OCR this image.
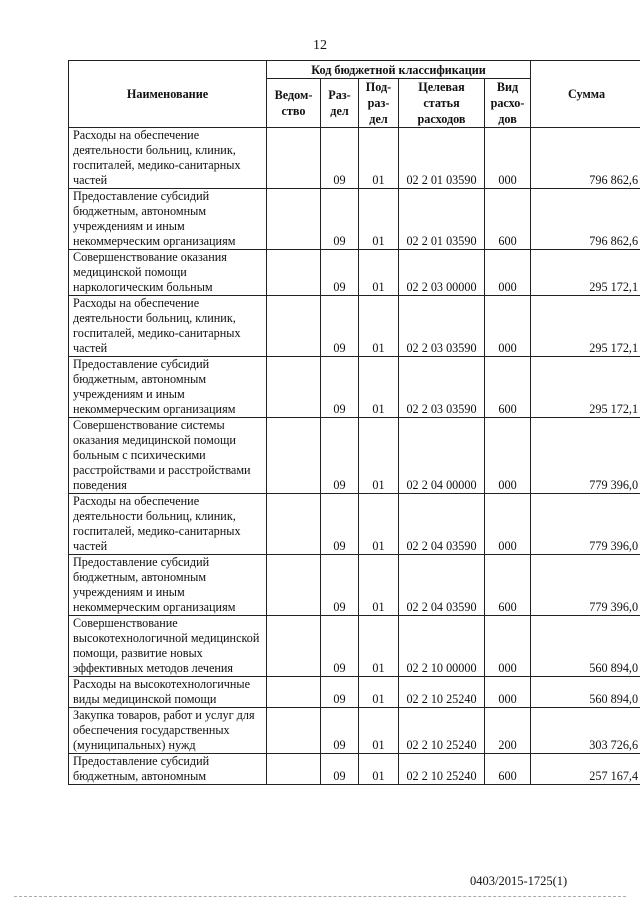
12
Наименование	Код бюджетной классификации					Сумма
	Ведом-ство	Раз-дел	Под-раз-дел	Целевая статья расходов	Вид расхо-дов	
Расходы на обеспечение деятельности больниц, клиник, госпиталей, медико-санитарных частей		09	01	02 2 01 03590	000	796 862,6
Предоставление субсидий бюджетным, автономным учреждениям и иным некоммерческим организациям		09	01	02 2 01 03590	600	796 862,6
Совершенствование оказания медицинской помощи наркологическим больным		09	01	02 2 03 00000	000	295 172,1
Расходы на обеспечение деятельности больниц, клиник, госпиталей, медико-санитарных частей		09	01	02 2 03 03590	000	295 172,1
Предоставление субсидий бюджетным, автономным учреждениям и иным некоммерческим организациям		09	01	02 2 03 03590	600	295 172,1
Совершенствование системы оказания медицинской помощи больным с психическими расстройствами и расстройствами поведения		09	01	02 2 04 00000	000	779 396,0
Расходы на обеспечение деятельности больниц, клиник, госпиталей, медико-санитарных частей		09	01	02 2 04 03590	000	779 396,0
Предоставление субсидий бюджетным, автономным учреждениям и иным некоммерческим организациям		09	01	02 2 04 03590	600	779 396,0
Совершенствование высокотехнологичной медицинской помощи, развитие новых эффективных методов лечения		09	01	02 2 10 00000	000	560 894,0
Расходы на высокотехнологичные виды медицинской помощи		09	01	02 2 10 25240	000	560 894,0
Закупка товаров, работ и услуг для обеспечения государственных (муниципальных) нужд		09	01	02 2 10 25240	200	303 726,6
Предоставление субсидий бюджетным, автономным		09	01	02 2 10 25240	600	257 167,4
0403/2015-1725(1)
